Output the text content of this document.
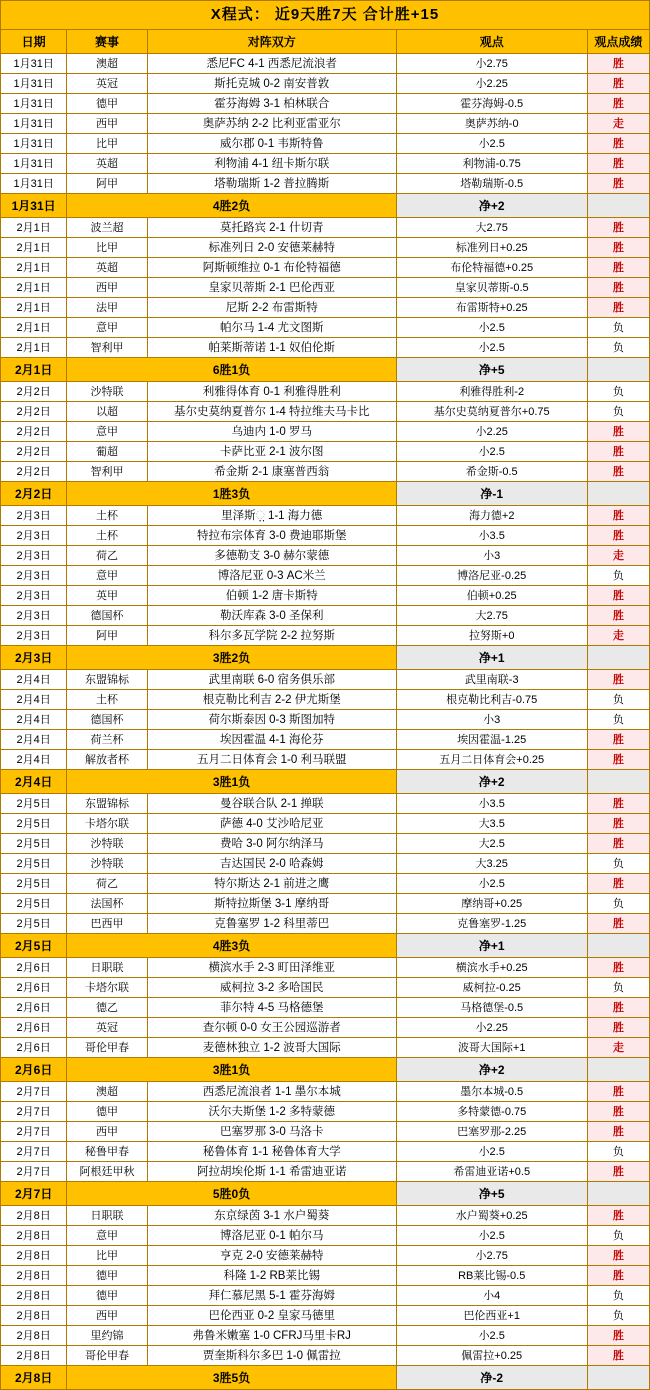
X程式： 近9天胜7天 合计胜+15				
日期	赛事	对阵双方	观点	观点成绩
1月31日	澳超	悉尼FC 4-1 西悉尼流浪者	小2.75	胜
1月31日	英冠	斯托克城 0-2 南安普敦	小2.25	胜
1月31日	德甲	霍芬海姆 3-1 柏林联合	霍芬海姆-0.5	胜
1月31日	西甲	奥萨苏纳 2-2 比利亚雷亚尔	奥萨苏纳-0	走
1月31日	比甲	威尔郡 0-1 韦斯特鲁	小2.5	胜
1月31日	英超	利物浦 4-1 纽卡斯尔联	利物浦-0.75	胜
1月31日	阿甲	塔勒瑞斯 1-2 普拉腾斯	塔勒瑞斯-0.5	胜
1月31日	4胜2负		净+2	
2月1日	波兰超	莫托路宾 2-1 什切青	大2.75	胜
2月1日	比甲	标准列日 2-0 安德莱赫特	标准列日+0.25	胜
2月1日	英超	阿斯顿维拉 0-1 布伦特福德	布伦特福德+0.25	胜
2月1日	西甲	皇家贝蒂斯 2-1 巴伦西亚	皇家贝蒂斯-0.5	胜
2月1日	法甲	尼斯 2-2 布雷斯特	布雷斯特+0.25	胜
2月1日	意甲	帕尔马 1-4 尤文图斯	小2.5	负
2月1日	智利甲	帕莱斯蒂诺 1-1 奴伯伦斯	小2.5	负
2月1日	6胜1负		净+5	
2月2日	沙特联	利雅得体育 0-1 利雅得胜利	利雅得胜利-2	负
2月2日	以超	基尔史莫纳夏普尔 1-4 特拉维夫马卡比	基尔史莫纳夏普尔+0.75	负
2月2日	意甲	乌迪内 1-0 罗马	小2.25	胜
2月2日	葡超	卡萨比亚 2-1 波尔图	小2.5	胜
2月2日	智利甲	希金斯 2-1 康塞普西翁	希金斯-0.5	胜
2月2日	1胜3负		净-1	
2月3日	土杯	里泽斯಼ 1-1 海力德	海力德+2	胜
2月3日	土杯	特拉布宗体育 3-0 费迪耶斯堡	小3.5	胜
2月3日	荷乙	多德勒支 3-0 赫尔蒙德	小3	走
2月3日	意甲	博洛尼亚 0-3 AC米兰	博洛尼亚-0.25	负
2月3日	英甲	伯顿 1-2 唐卡斯特	伯顿+0.25	胜
2月3日	德国杯	勒沃库森 3-0 圣保利	大2.75	胜
2月3日	阿甲	科尔多瓦学院 2-2 拉努斯	拉努斯+0	走
2月3日	3胜2负		净+1	
2月4日	东盟锦标	武里南联 6-0 宿务俱乐部	武里南联-3	胜
2月4日	土杯	根克勒比利吉 2-2 伊尤斯堡	根克勒比利吉-0.75	负
2月4日	德国杯	荷尔斯泰因 0-3 斯图加特	小3	负
2月4日	荷兰杯	埃因霍温 4-1 海伦芬	埃因霍温-1.25	胜
2月4日	解放者杯	五月二日体育会 1-0 利马联盟	五月二日体育会+0.25	胜
2月4日	3胜1负		净+2	
2月5日	东盟锦标	曼谷联合队 2-1 掸联	小3.5	胜
2月5日	卡塔尔联	萨德 4-0 艾沙哈尼亚	大3.5	胜
2月5日	沙特联	费哈 3-0 阿尔纳泽马	大2.5	胜
2月5日	沙特联	吉达国民 2-0 哈森姆	大3.25	负
2月5日	荷乙	特尔斯达 2-1 前进之鹰	小2.5	胜
2月5日	法国杯	斯特拉斯堡 3-1 摩纳哥	摩纳哥+0.25	负
2月5日	巴西甲	克鲁塞罗 1-2 科里蒂巴	克鲁塞罗-1.25	胜
2月5日	4胜3负		净+1	
2月6日	日职联	横滨水手 2-3 町田泽维亚	横滨水手+0.25	胜
2月6日	卡塔尔联	威柯拉 3-2 多哈国民	威柯拉-0.25	负
2月6日	德乙	菲尔特 4-5 马格德堡	马格德堡-0.5	胜
2月6日	英冠	查尔顿 0-0 女王公园巡游者	小2.25	胜
2月6日	哥伦甲春	麦德林独立 1-2 波哥大国际	波哥大国际+1	走
2月6日	3胜1负		净+2	
2月7日	澳超	西悉尼流浪者 1-1 墨尔本城	墨尔本城-0.5	胜
2月7日	德甲	沃尔夫斯堡 1-2 多特蒙德	多特蒙德-0.75	胜
2月7日	西甲	巴塞罗那 3-0 马洛卡	巴塞罗那-2.25	胜
2月7日	秘鲁甲春	秘鲁体育 1-1 秘鲁体育大学	小2.5	负
2月7日	阿根廷甲秋	阿拉胡埃伦斯 1-1 希雷迪亚诺	希雷迪亚诺+0.5	胜
2月7日	5胜0负		净+5	
2月8日	日职联	东京绿茵 3-1 水户蜀葵	水户蜀葵+0.25	胜
2月8日	意甲	博洛尼亚 0-1 帕尔马	小2.5	负
2月8日	比甲	亨克 2-0 安德莱赫特	小2.75	胜
2月8日	德甲	科隆 1-2 RB莱比锡	RB莱比锡-0.5	胜
2月8日	德甲	拜仁慕尼黑 5-1 霍芬海姆	小4	负
2月8日	西甲	巴伦西亚 0-2 皇家马德里	巴伦西亚+1	负
2月8日	里约锦	弗鲁米嫩塞 1-0 CFRJ马里卡RJ	小2.5	胜
2月8日	哥伦甲春	贾奎斯科尔多巴 1-0 佩雷拉	佩雷拉+0.25	胜
2月8日	3胜5负		净-2	
